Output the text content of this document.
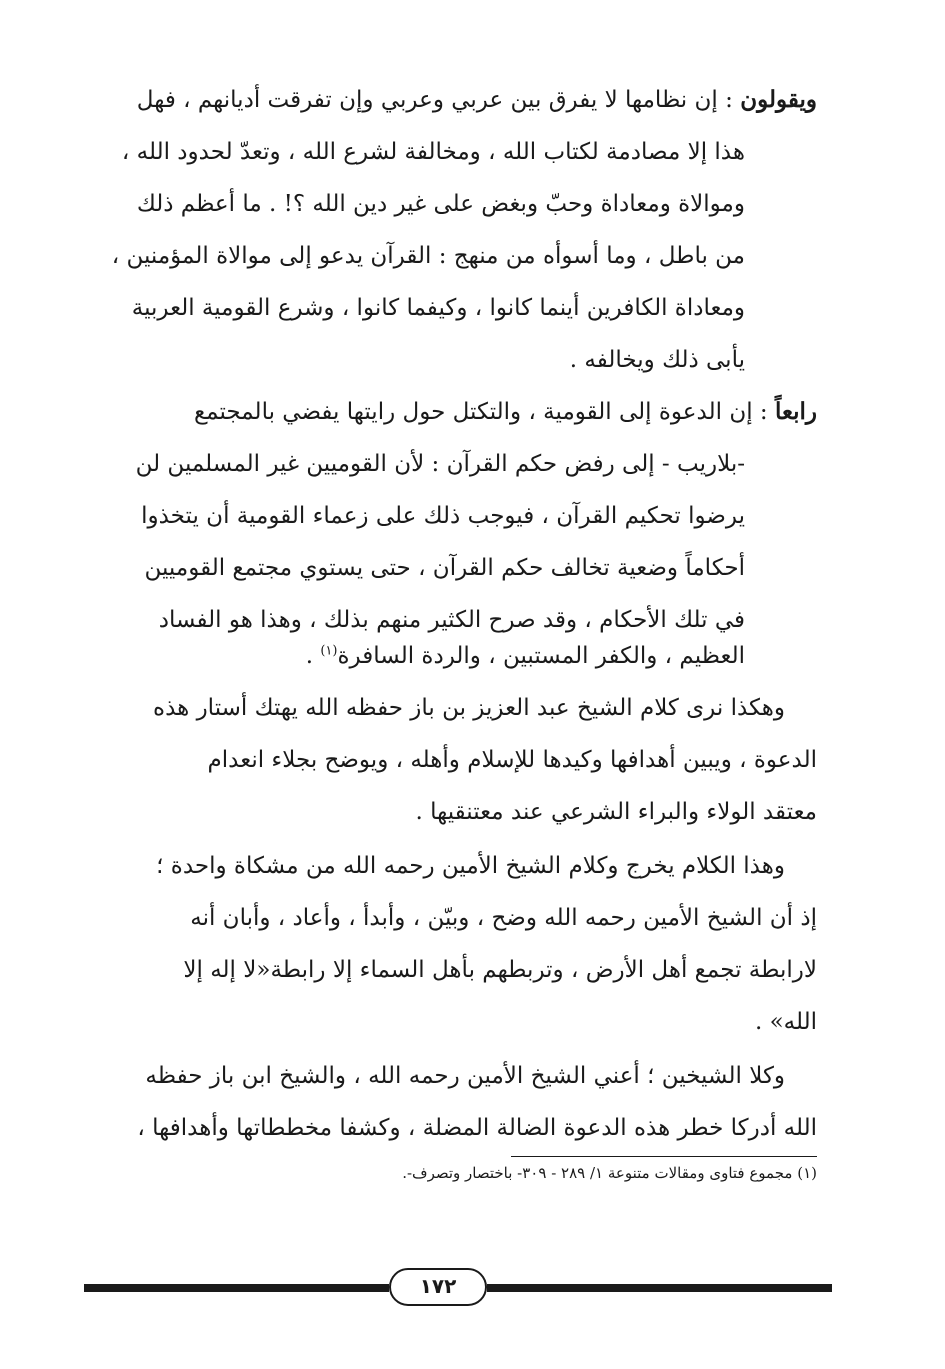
ويقولون : إن نظامها لا يفرق بين عربي وعربي وإن تفرقت أديانهم ، فهل
هذا إلا مصادمة لكتاب الله ، ومخالفة لشرع الله ، وتعدّ لحدود الله ،
وموالاة ومعاداة وحبّ وبغض على غير دين الله ؟! . ما أعظم ذلك
من باطل ، وما أسوأه من منهج : القرآن يدعو إلى موالاة المؤمنين ،
ومعاداة الكافرين أينما كانوا ، وكيفما كانوا ، وشرع القومية العربية
يأبى ذلك ويخالفه .
رابعاً : إن الدعوة إلى القومية ، والتكتل حول رايتها يفضي بالمجتمع
-بلاريب - إلى رفض حكم القرآن : لأن القوميين غير المسلمين لن
يرضوا تحكيم القرآن ، فيوجب ذلك على زعماء القومية أن يتخذوا
أحكاماً وضعية تخالف حكم القرآن ، حتى يستوي مجتمع القوميين
في تلك الأحكام ، وقد صرح الكثير منهم بذلك ، وهذا هو الفساد
العظيم ، والكفر المستبين ، والردة السافرة$^{(١)}$ .
وهكذا نرى كلام الشيخ عبد العزيز بن باز حفظه الله يهتك أستار هذه
الدعوة ، ويبين أهدافها وكيدها للإسلام وأهله ، ويوضح بجلاء انعدام
معتقد الولاء والبراء الشرعي عند معتنقيها .
وهذا الكلام يخرج وكلام الشيخ الأمين رحمه الله من مشكاة واحدة ؛
إذ أن الشيخ الأمين رحمه الله وضح ، وبيّن ، وأبدأ ، وأعاد ، وأبان أنه
لارابطة تجمع أهل الأرض ، وتربطهم بأهل السماء إلا رابطة«لا إله إلا
الله» .
وكلا الشيخين ؛ أعني الشيخ الأمين رحمه الله ، والشيخ ابن باز حفظه
الله أدركا خطر هذه الدعوة الضالة المضلة ، وكشفا مخططاتها وأهدافها ،
(١) مجموع فتاوى ومقالات متنوعة ١/ ٢٨٩ - ٣٠٩- باختصار وتصرف-.
١٧٢
